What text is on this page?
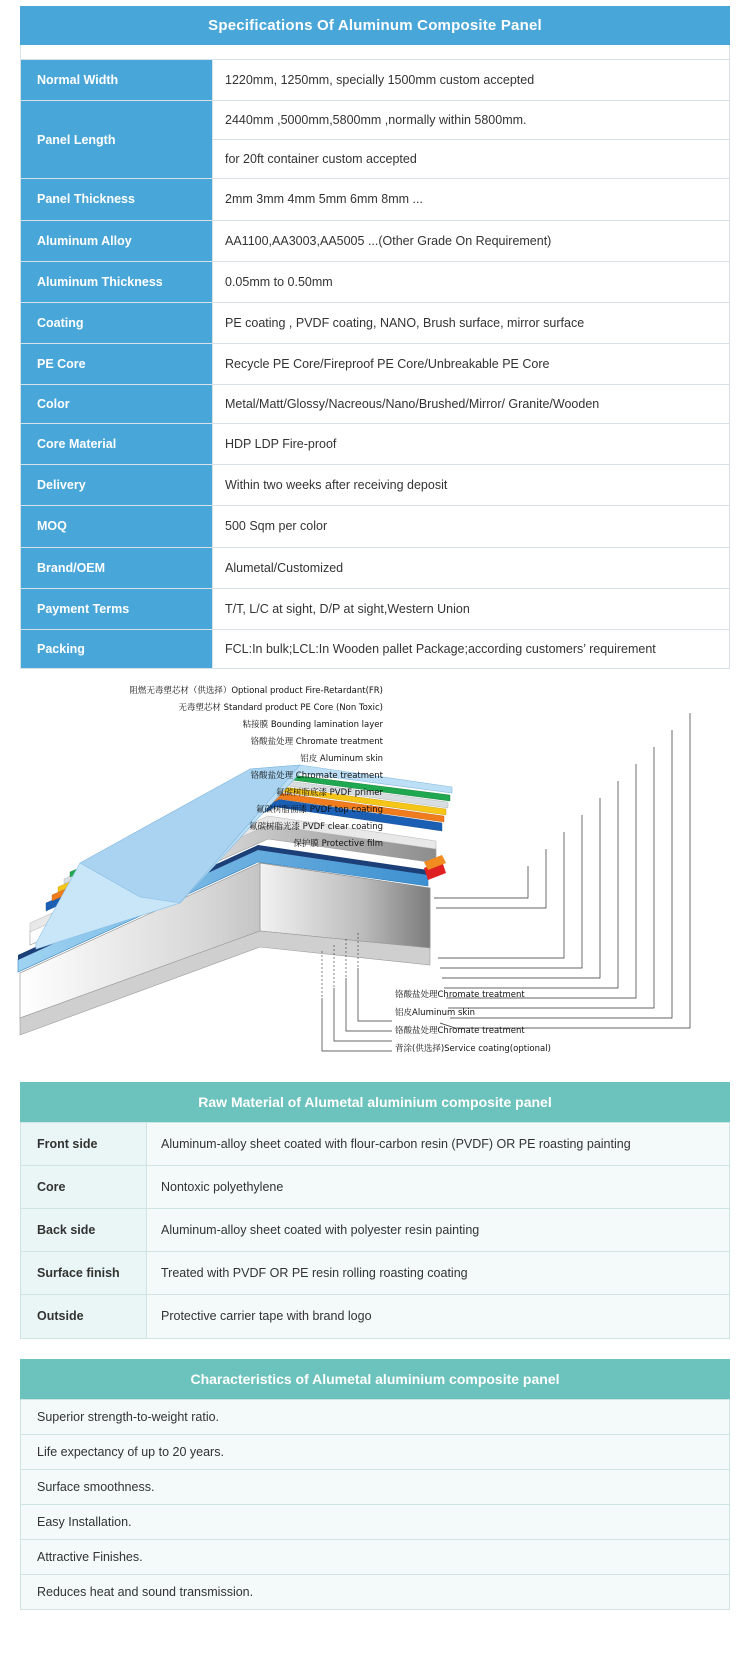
Specifications Of Aluminum Composite Panel
Normal Width	1220mm, 1250mm, specially 1500mm custom accepted
Panel Length	2440mm ,5000mm,5800mm ,normally within 5800mm.
	for 20ft container custom accepted
Panel Thickness	2mm 3mm 4mm 5mm 6mm 8mm ...
Aluminum Alloy	AA1100,AA3003,AA5005 ...(Other Grade On Requirement)
Aluminum Thickness	0.05mm to 0.50mm
Coating	PE coating , PVDF coating, NANO, Brush surface, mirror surface
PE Core	Recycle PE Core/Fireproof PE Core/Unbreakable PE Core
Color	Metal/Matt/Glossy/Nacreous/Nano/Brushed/Mirror/ Granite/Wooden
Core Material	HDP LDP Fire-proof
Delivery	Within two weeks after receiving deposit
MOQ	500 Sqm per color
Brand/OEM	Alumetal/Customized
Payment Terms	T/T, L/C at sight, D/P at sight,Western Union
Packing	FCL:In bulk;LCL:In Wooden pallet Package;according customers’ requirement
阻燃无毒塑芯材（供选择）Optional product Fire-Retardant(FR)
无毒塑芯材 Standard product PE Core (Non Toxic)
粘接膜 Bounding lamination layer
铬酸盐处理 Chromate treatment
铝皮 Aluminum skin
铬酸盐处理 Chromate treatment
氟碳树脂底漆 PVDF primer
氟碳树脂面漆 PVDF top coating
氟碳树脂光漆 PVDF clear coating
保护膜 Protective film
铬酸盐处理Chromate treatment
铝皮Aluminum skin
铬酸盐处理Chromate treatment
背涂(供选择)Service coating(optional)
Raw Material of Alumetal aluminium composite panel
Front side	Aluminum-alloy sheet coated with flour-carbon resin (PVDF) OR PE roasting painting
Core	Nontoxic polyethylene
Back side	Aluminum-alloy sheet coated with polyester resin painting
Surface finish	Treated with PVDF OR PE resin rolling roasting coating
Outside	Protective carrier tape with brand logo
Characteristics of Alumetal aluminium composite panel
Superior strength-to-weight ratio.
Life expectancy of up to 20 years.
Surface smoothness.
Easy Installation.
Attractive Finishes.
Reduces heat and sound transmission.
